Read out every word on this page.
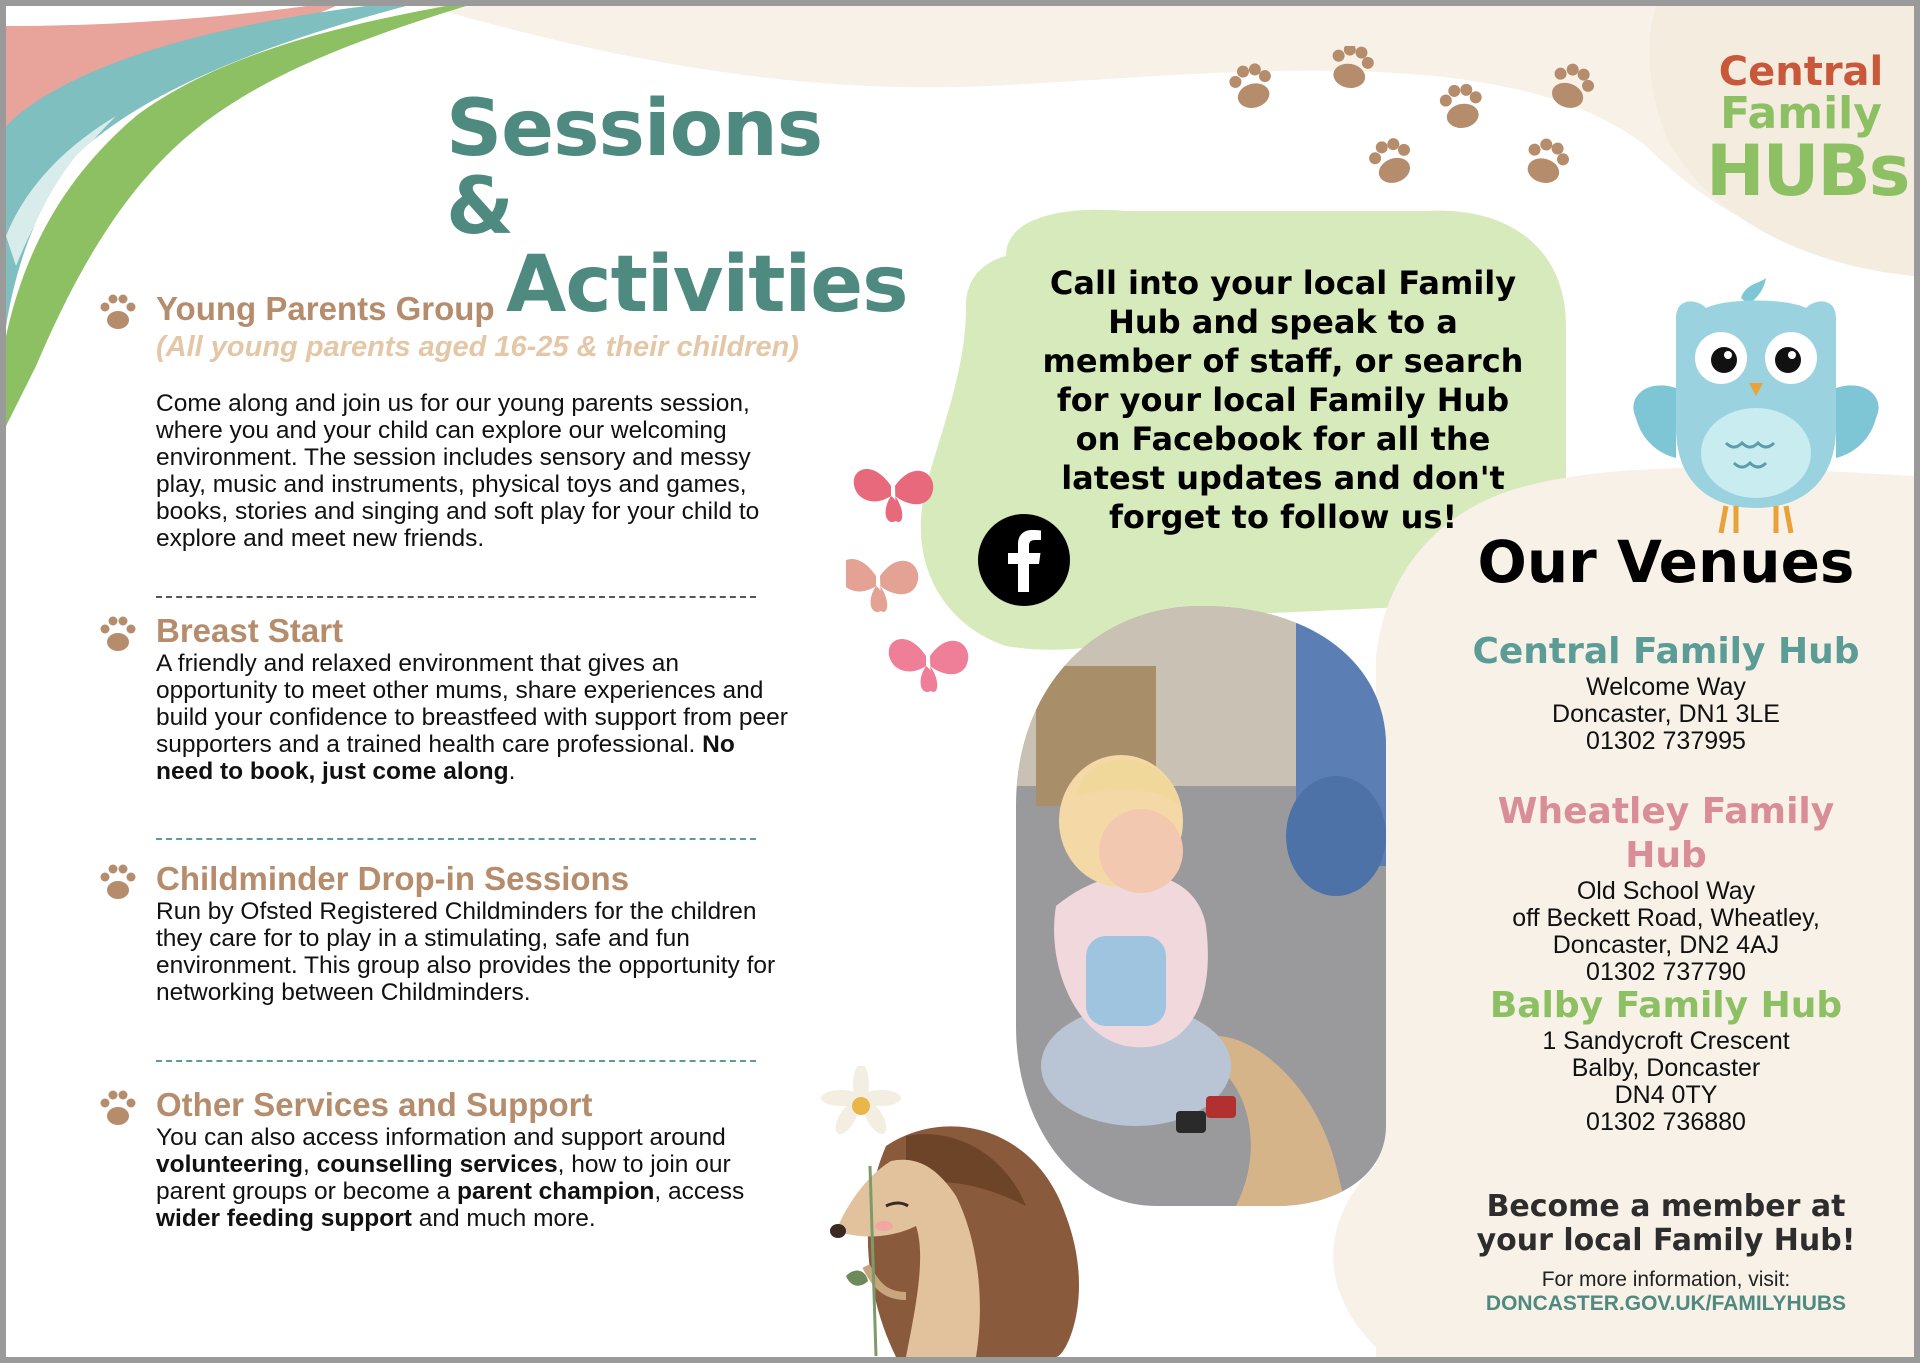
Central
Family
HUBs
Sessions &
Activities
Young Parents Group
(All young parents aged 16-25 & their children)
Come along and join us for our young parents session, where you and your child can explore our welcoming environment. The session includes sensory and messy play, music and instruments, physical toys and games, books, stories and singing and soft play for your child to explore and meet new friends.
Breast Start
A friendly and relaxed environment that gives an opportunity to meet other mums, share experiences and build your confidence to breastfeed with support from peer supporters and a trained health care professional. No need to book, just come along.
Childminder Drop-in Sessions
Run by Ofsted Registered Childminders for the children they care for to play in a stimulating, safe and fun environment. This group also provides the opportunity for networking between Childminders.
Other Services and Support
You can also access information and support around volunteering, counselling services, how to join our parent groups or become a parent champion, access wider feeding support and much more.
Call into your local Family Hub and speak to a member of staff, or search for your local Family Hub on Facebook for all the latest updates and don't forget to follow us!
Our Venues
Central Family Hub
Welcome Way
Doncaster, DN1 3LE
01302 737995
Wheatley Family Hub
Old School Way
off Beckett Road, Wheatley,
Doncaster, DN2 4AJ
01302 737790
Balby Family Hub
1 Sandycroft Crescent
Balby, Doncaster
DN4 0TY
01302 736880
Become a member at
your local Family Hub!
For more information, visit:
DONCASTER.GOV.UK/FAMILYHUBS
